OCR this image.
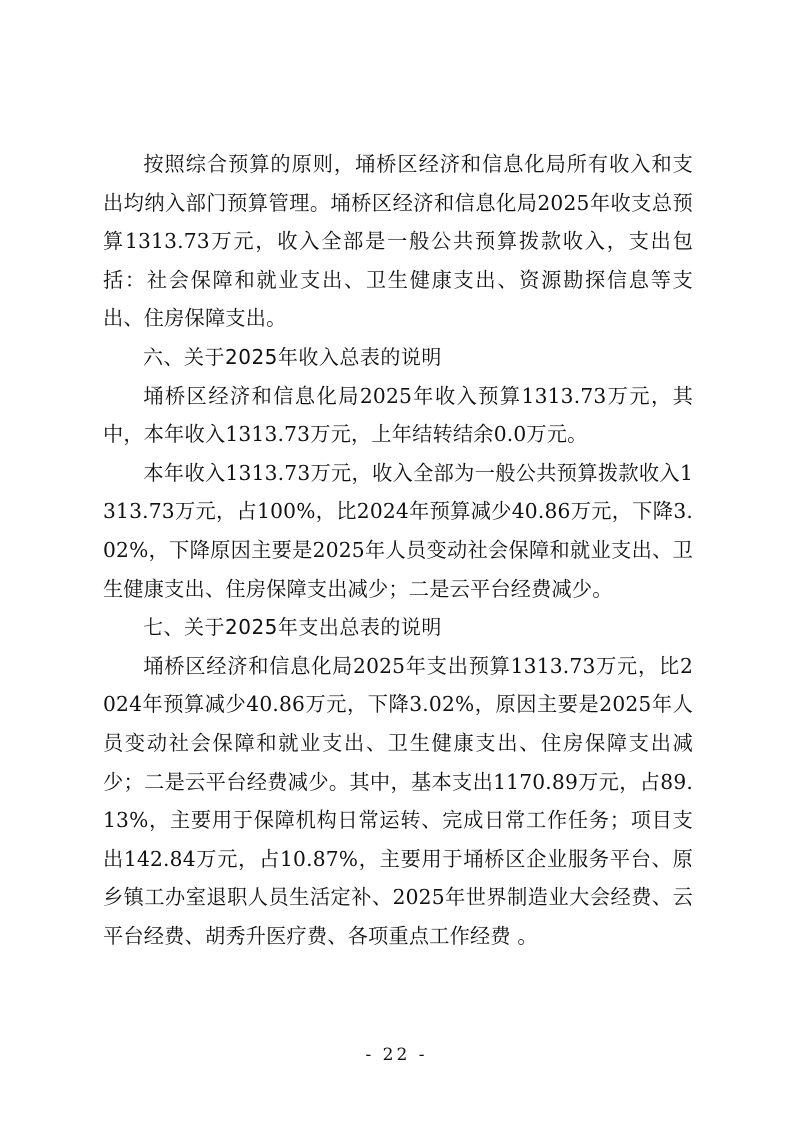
按照综合预算的原则，埇桥区经济和信息化局所有收入和支出均纳入部门预算管理。埇桥区经济和信息化局2025年收支总预算1313.73万元，收入全部是一般公共预算拨款收入，支出包括：社会保障和就业支出、卫生健康支出、资源勘探信息等支出、住房保障支出。

六、关于2025年收入总表的说明

埇桥区经济和信息化局2025年收入预算1313.73万元，其中，本年收入1313.73万元，上年结转结余0.0万元。

本年收入1313.73万元，收入全部为一般公共预算拨款收入1313.73万元，占100%，比2024年预算减少40.86万元，下降3.02%，下降原因主要是2025年人员变动社会保障和就业支出、卫生健康支出、住房保障支出减少；二是云平台经费减少。

七、关于2025年支出总表的说明

埇桥区经济和信息化局2025年支出预算1313.73万元，比2024年预算减少40.86万元，下降3.02%，原因主要是2025年人员变动社会保障和就业支出、卫生健康支出、住房保障支出减少；二是云平台经费减少。其中，基本支出1170.89万元，占89.13%，主要用于保障机构日常运转、完成日常工作任务；项目支出142.84万元，占10.87%，主要用于埇桥区企业服务平台、原乡镇工办室退职人员生活定补、2025年世界制造业大会经费、云平台经费、胡秀升医疗费、各项重点工作经费 。

- 22 -
